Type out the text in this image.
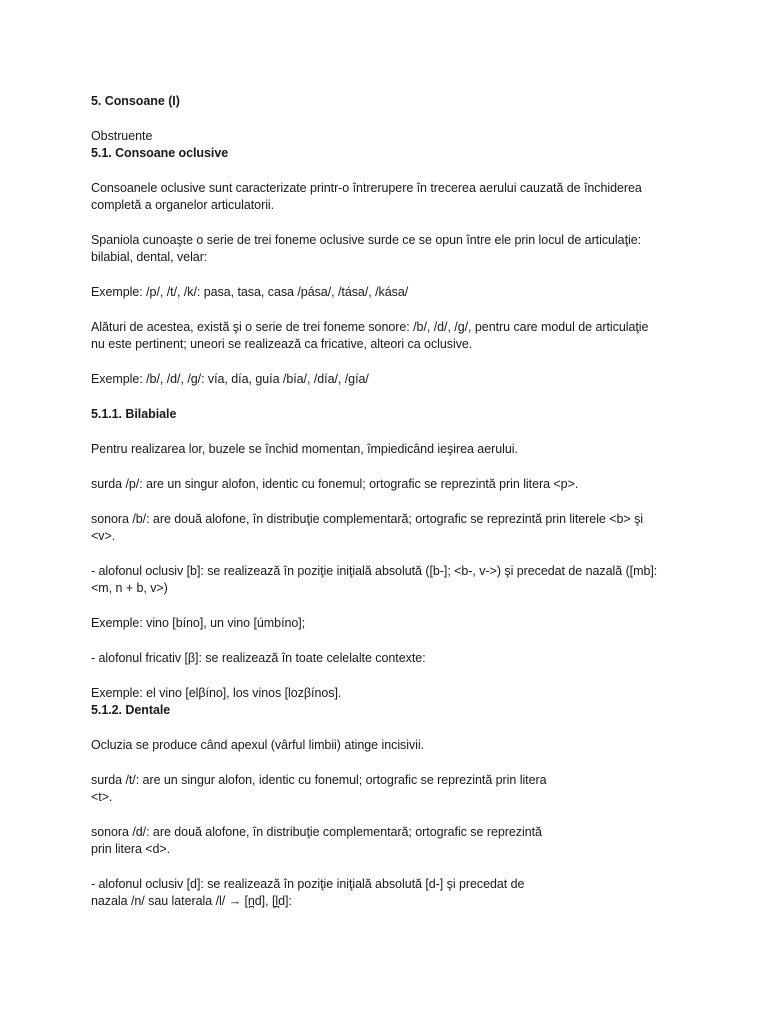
5. Consoane (I)
Obstruente
5.1. Consoane oclusive
Consoanele oclusive sunt caracterizate printr-o întrerupere în trecerea aerului cauzată de închiderea
completă a organelor articulatorii.
Spaniola cunoaşte o serie de trei foneme oclusive surde ce se opun între ele prin locul de articulaţie:
bilabial, dental, velar:
Exemple: /p/, /t/, /k/: pasa, tasa, casa /pása/, /tása/, /kása/
Alături de acestea, există şi o serie de trei foneme sonore: /b/, /d/, /g/, pentru care modul de articulaţie
nu este pertinent; uneori se realizează ca fricative, alteori ca oclusive.
Exemple: /b/, /d/, /g/: vía, día, guía /bía/, /día/, /gía/
5.1.1. Bilabiale
Pentru realizarea lor, buzele se închid momentan, împiedicând ieşirea aerului.
surda /p/: are un singur alofon, identic cu fonemul; ortografic se reprezintă prin litera <p>.
sonora /b/: are două alofone, în distribuţie complementară; ortografic se reprezintă prin literele <b> şi
<v>.
- alofonul oclusiv [b]: se realizează în poziţie iniţială absolută ([b-]; <b-, v->) şi precedat de nazală ([mb]:
<m, n + b, v>)
Exemple: vino [bíno], un vino [úmbíno];
- alofonul fricativ [β]: se realizează în toate celelalte contexte:
Exemple: el vino [elβíno], los vinos [lozβínos].
5.1.2. Dentale
Ocluzia se produce când apexul (vârful limbii) atinge incisivii.
surda /t/: are un singur alofon, identic cu fonemul; ortografic se reprezintă prin litera
<t>.
sonora /d/: are două alofone, în distribuţie complementară; ortografic se reprezintă
prin litera <d>.
- alofonul oclusiv [d]: se realizează în poziţie iniţială absolută [d-] şi precedat de
nazala /n/ sau laterala /l/ → [n̪d], [l̪d]:
